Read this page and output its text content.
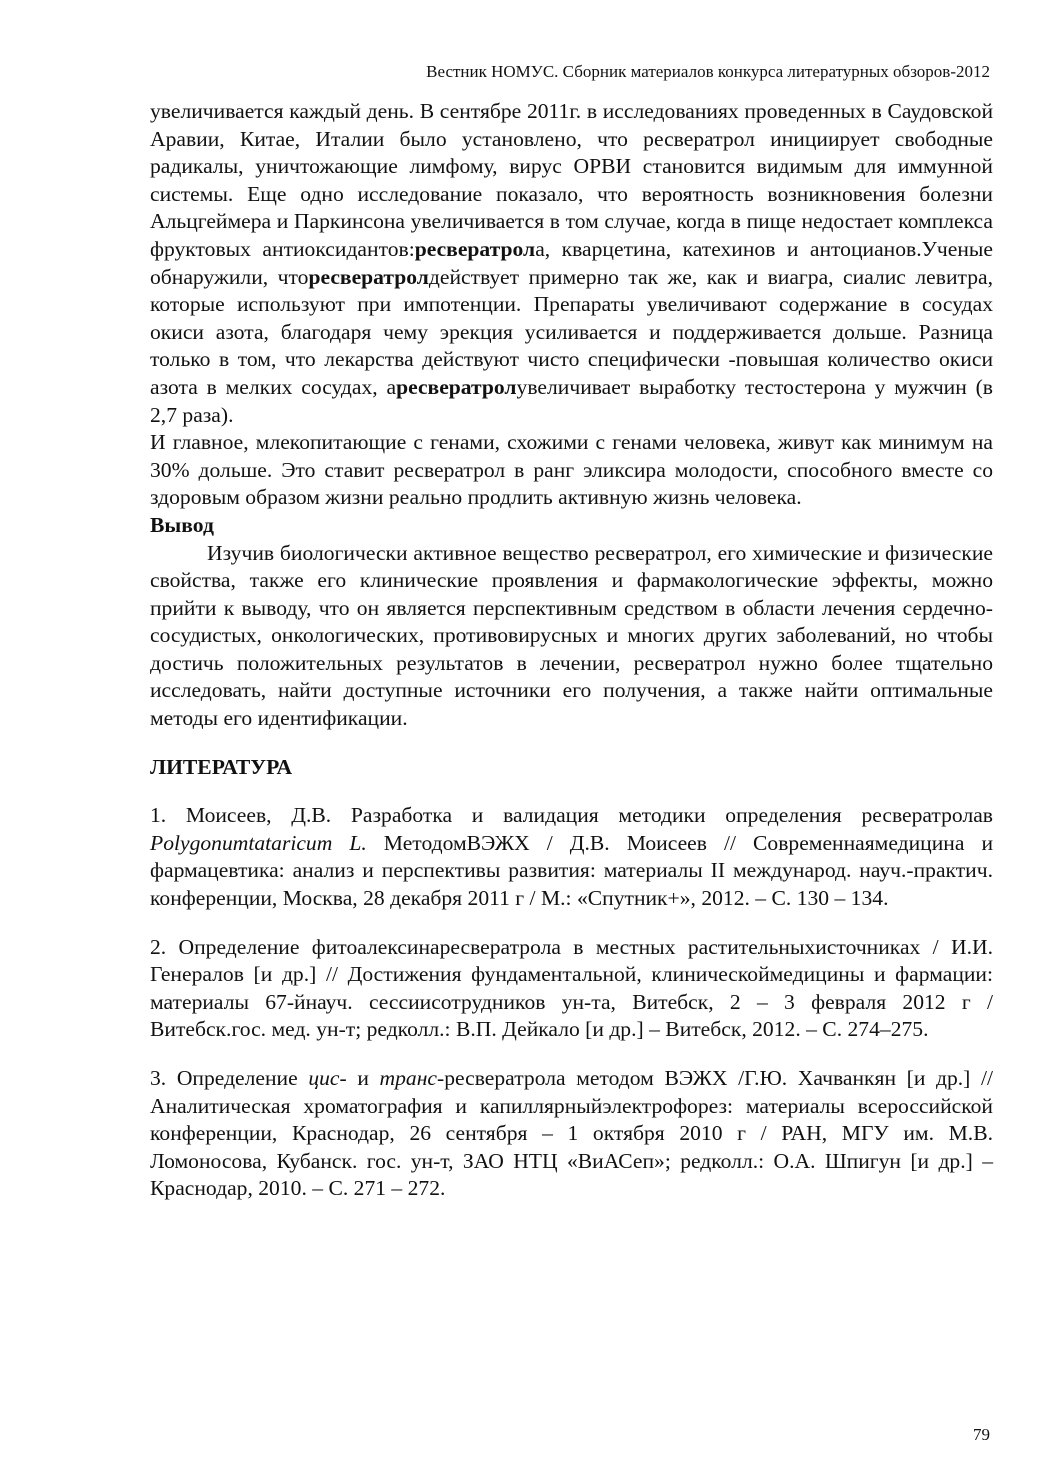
Вестник НОМУС. Сборник материалов конкурса литературных обзоров-2012

увеличивается каждый день. В сентябре 2011г. в исследованиях проведенных в Саудовской Аравии, Китае, Италии было установлено, что ресвератрол инициирует свободные радикалы, уничтожающие лимфому, вирус ОРВИ становится видимым для иммунной системы. Еще одно исследование показало, что вероятность возникновения болезни Альцгеймера и Паркинсона увеличивается в том случае, когда в пище недостает комплекса фруктовых антиоксидантов:ресвератрола, кварцетина, катехинов и антоцианов.Ученые обнаружили, чторесвератролдействует примерно так же, как и виагра, сиалис левитра, которые используют при импотенции. Препараты увеличивают содержание в сосудах окиси азота, благодаря чему эрекция усиливается и поддерживается дольше. Разница только в том, что лекарства действуют чисто специфически -повышая количество окиси азота в мелких сосудах, аресвератролувеличивает выработку тестостерона у мужчин (в 2,7 раза).

И главное, млекопитающие с генами, схожими с генами человека, живут как минимум на 30% дольше. Это ставит ресвератрол в ранг эликсира молодости, способного вместе со здоровым образом жизни реально продлить активную жизнь человека.

Вывод

Изучив биологически активное вещество ресвератрол, его химические и физические свойства, также его клинические проявления и фармакологические эффекты, можно прийти к выводу, что он является перспективным средством в области лечения сердечно-сосудистых, онкологических, противовирусных и многих других заболеваний, но чтобы достичь положительных результатов в лечении, ресвератрол нужно более тщательно исследовать, найти доступные источники его получения, а также найти оптимальные методы его идентификации.

ЛИТЕРАТУРА

1. Моисеев, Д.В. Разработка и валидация методики определения ресвератролав Polygonumtataricum L. МетодомВЭЖХ / Д.В. Моисеев // Современнаямедицина и фармацевтика: анализ и перспективы развития: материалы II международ. науч.-практич. конференции, Москва, 28 декабря 2011 г / М.: «Спутник+», 2012. – С. 130 – 134.

2. Определение фитоалексинаресвератрола в местных растительныхисточниках / И.И. Генералов [и др.] // Достижения фундаментальной, клиническоймедицины и фармации: материалы 67-йнауч. сессиисотрудников ун-та, Витебск, 2 – 3 февраля 2012 г / Витебск.гос. мед. ун-т; редколл.: В.П. Дейкало [и др.] – Витебск, 2012. – С. 274–275.

3. Определение цис- и транс-ресвератрола методом ВЭЖХ /Г.Ю. Хачванкян [и др.] // Аналитическая хроматография и капиллярныйэлектрофорез: материалы всероссийской конференции, Краснодар, 26 сентября – 1 октября 2010 г / РАН, МГУ им. М.В. Ломоносова, Кубанск. гос. ун-т, ЗАО НТЦ «ВиАСеп»; редколл.: О.А. Шпигун [и др.] – Краснодар, 2010. – С. 271 – 272.

79
